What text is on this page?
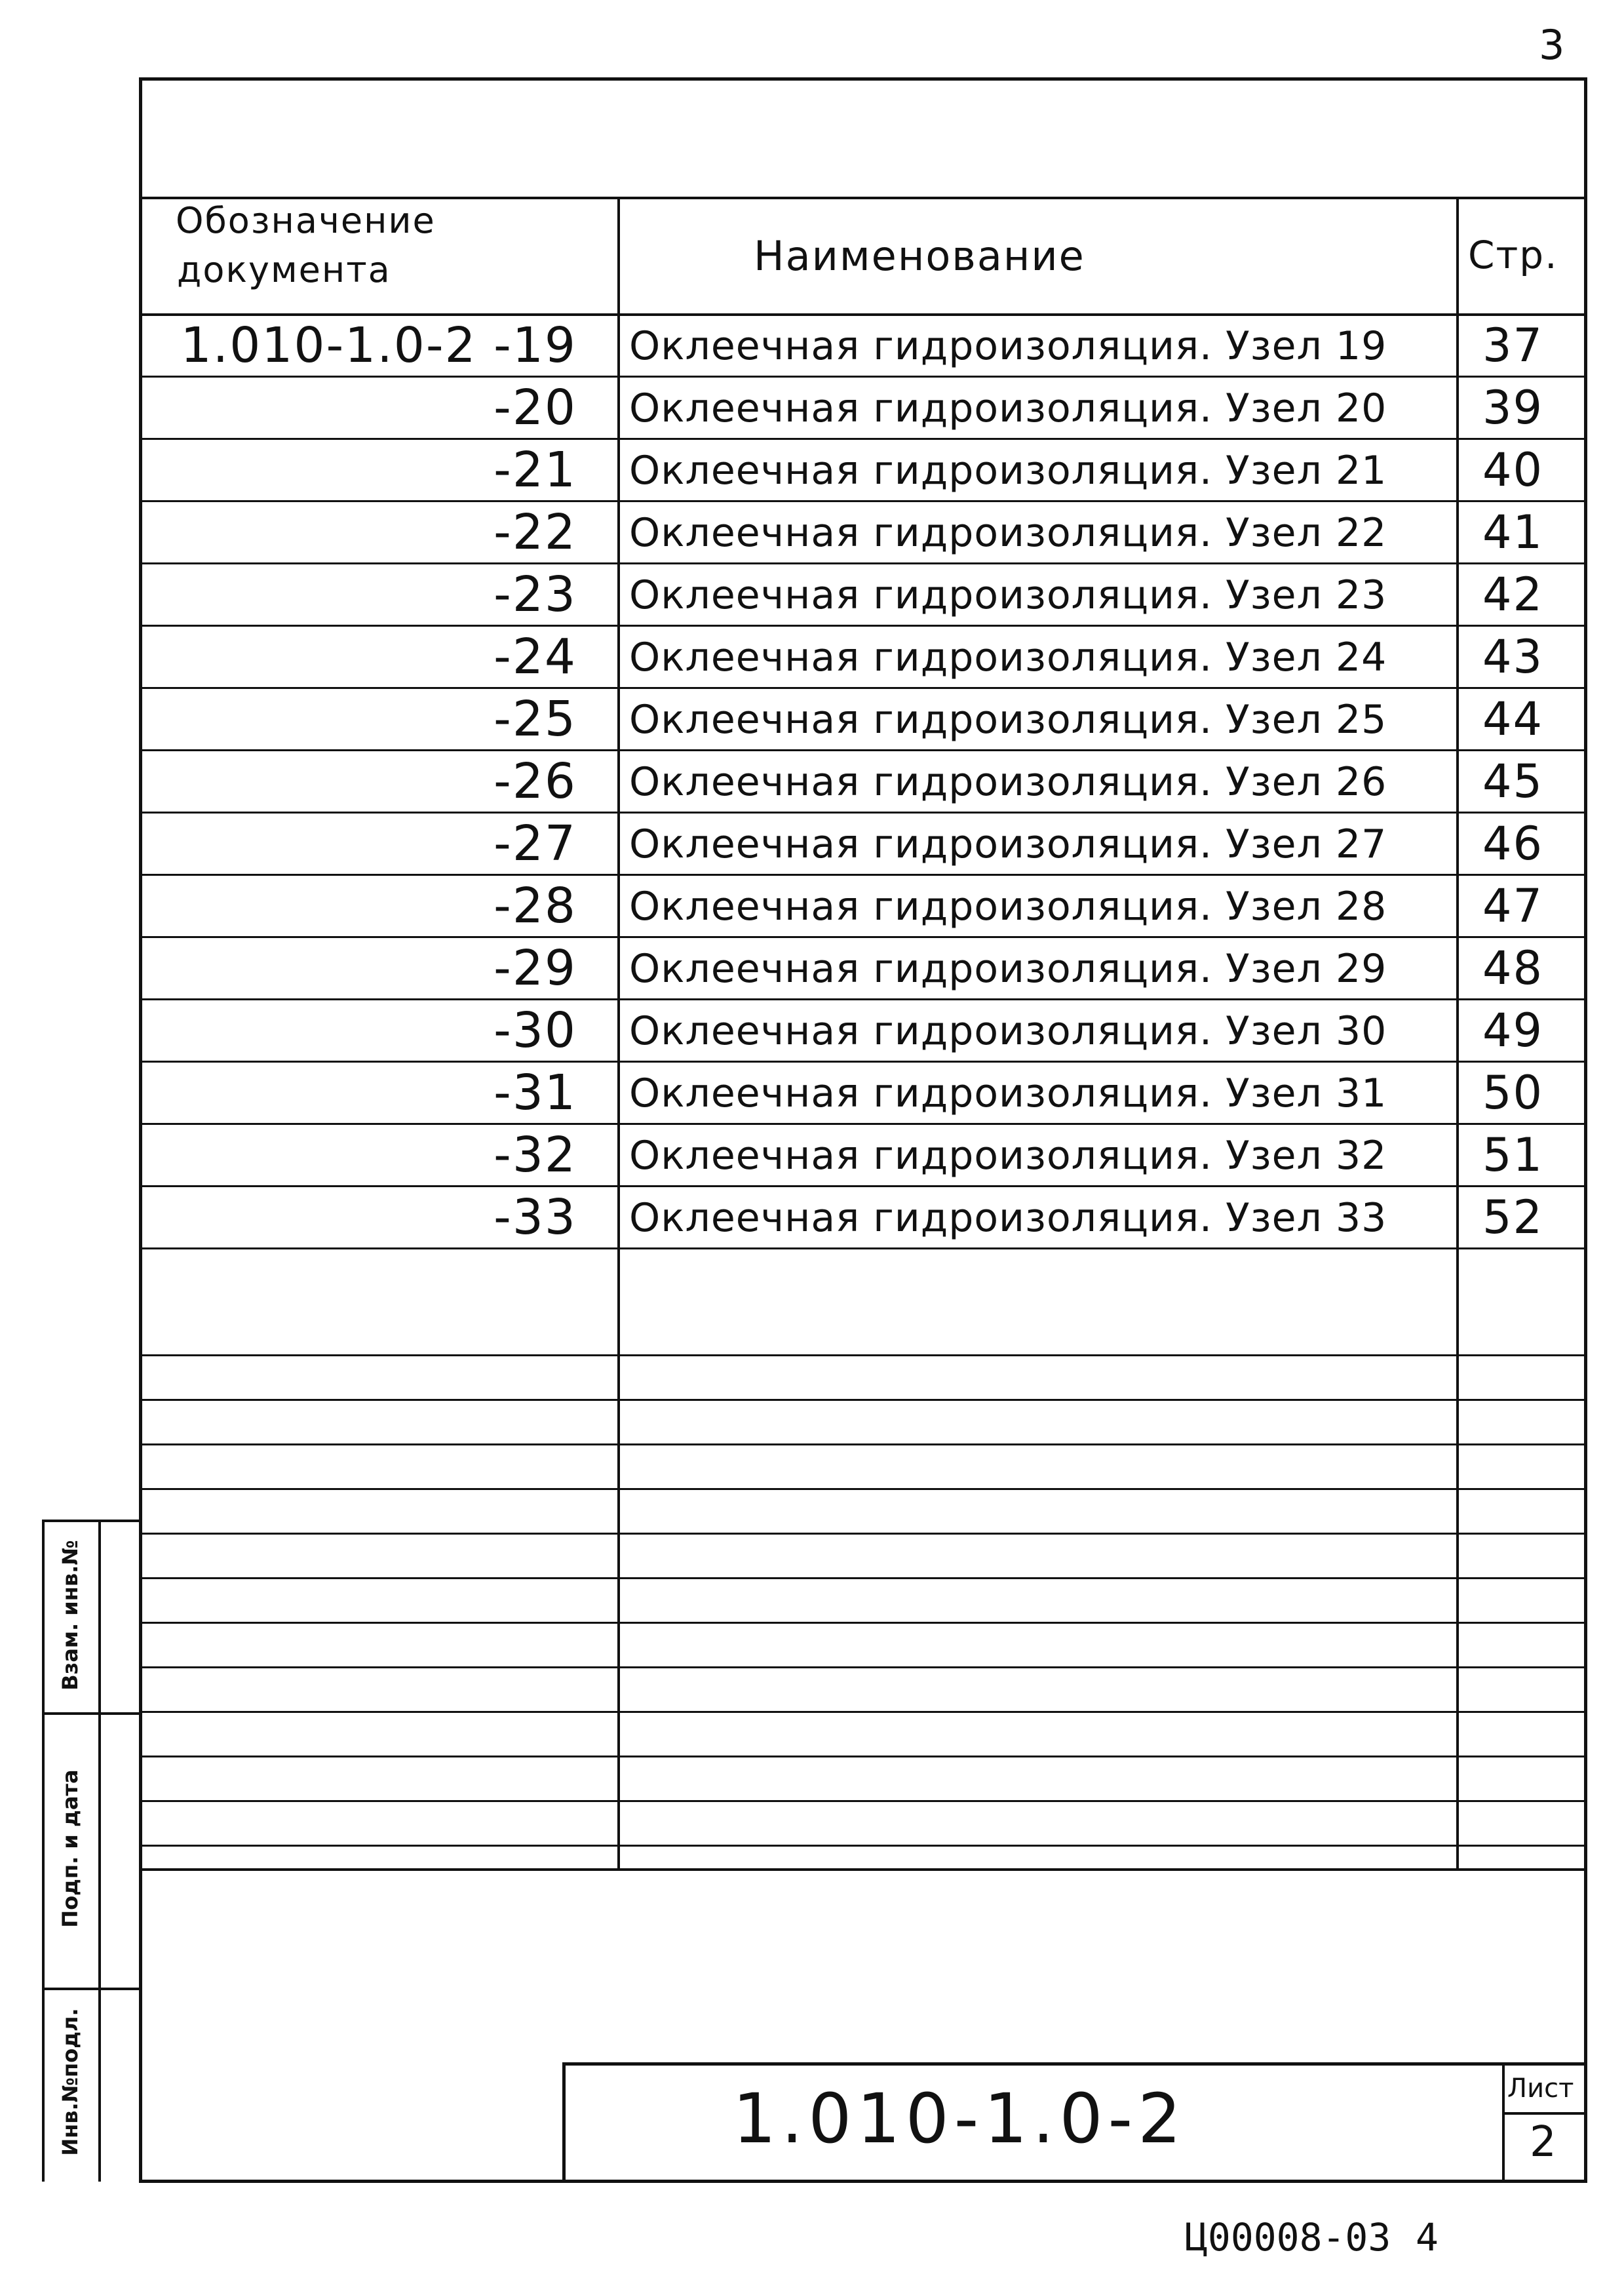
3
Обозначение
документа	Наименование	Стр.
1.010-1.0-2 -19 Оклеечная гидроизоляция. Узел 19 37
-20 Оклеечная гидроизоляция. Узел 20 39
-21 Оклеечная гидроизоляция. Узел 21 40
-22 Оклеечная гидроизоляция. Узел 22 41
-23 Оклеечная гидроизоляция. Узел 23 42
-24 Оклеечная гидроизоляция. Узел 24 43
-25 Оклеечная гидроизоляция. Узел 25 44
-26 Оклеечная гидроизоляция. Узел 26 45
-27 Оклеечная гидроизоляция. Узел 27 46
-28 Оклеечная гидроизоляция. Узел 28 47
-29 Оклеечная гидроизоляция. Узел 29 48
-30 Оклеечная гидроизоляция. Узел 30 49
-31 Оклеечная гидроизоляция. Узел 31 50
-32 Оклеечная гидроизоляция. Узел 32 51
-33 Оклеечная гидроизоляция. Узел 33 52
Взам. инв.№
Подп. и дата
Инв.№подл.	1.010-1.0-2	Лист
2
Ц00008-03 4
